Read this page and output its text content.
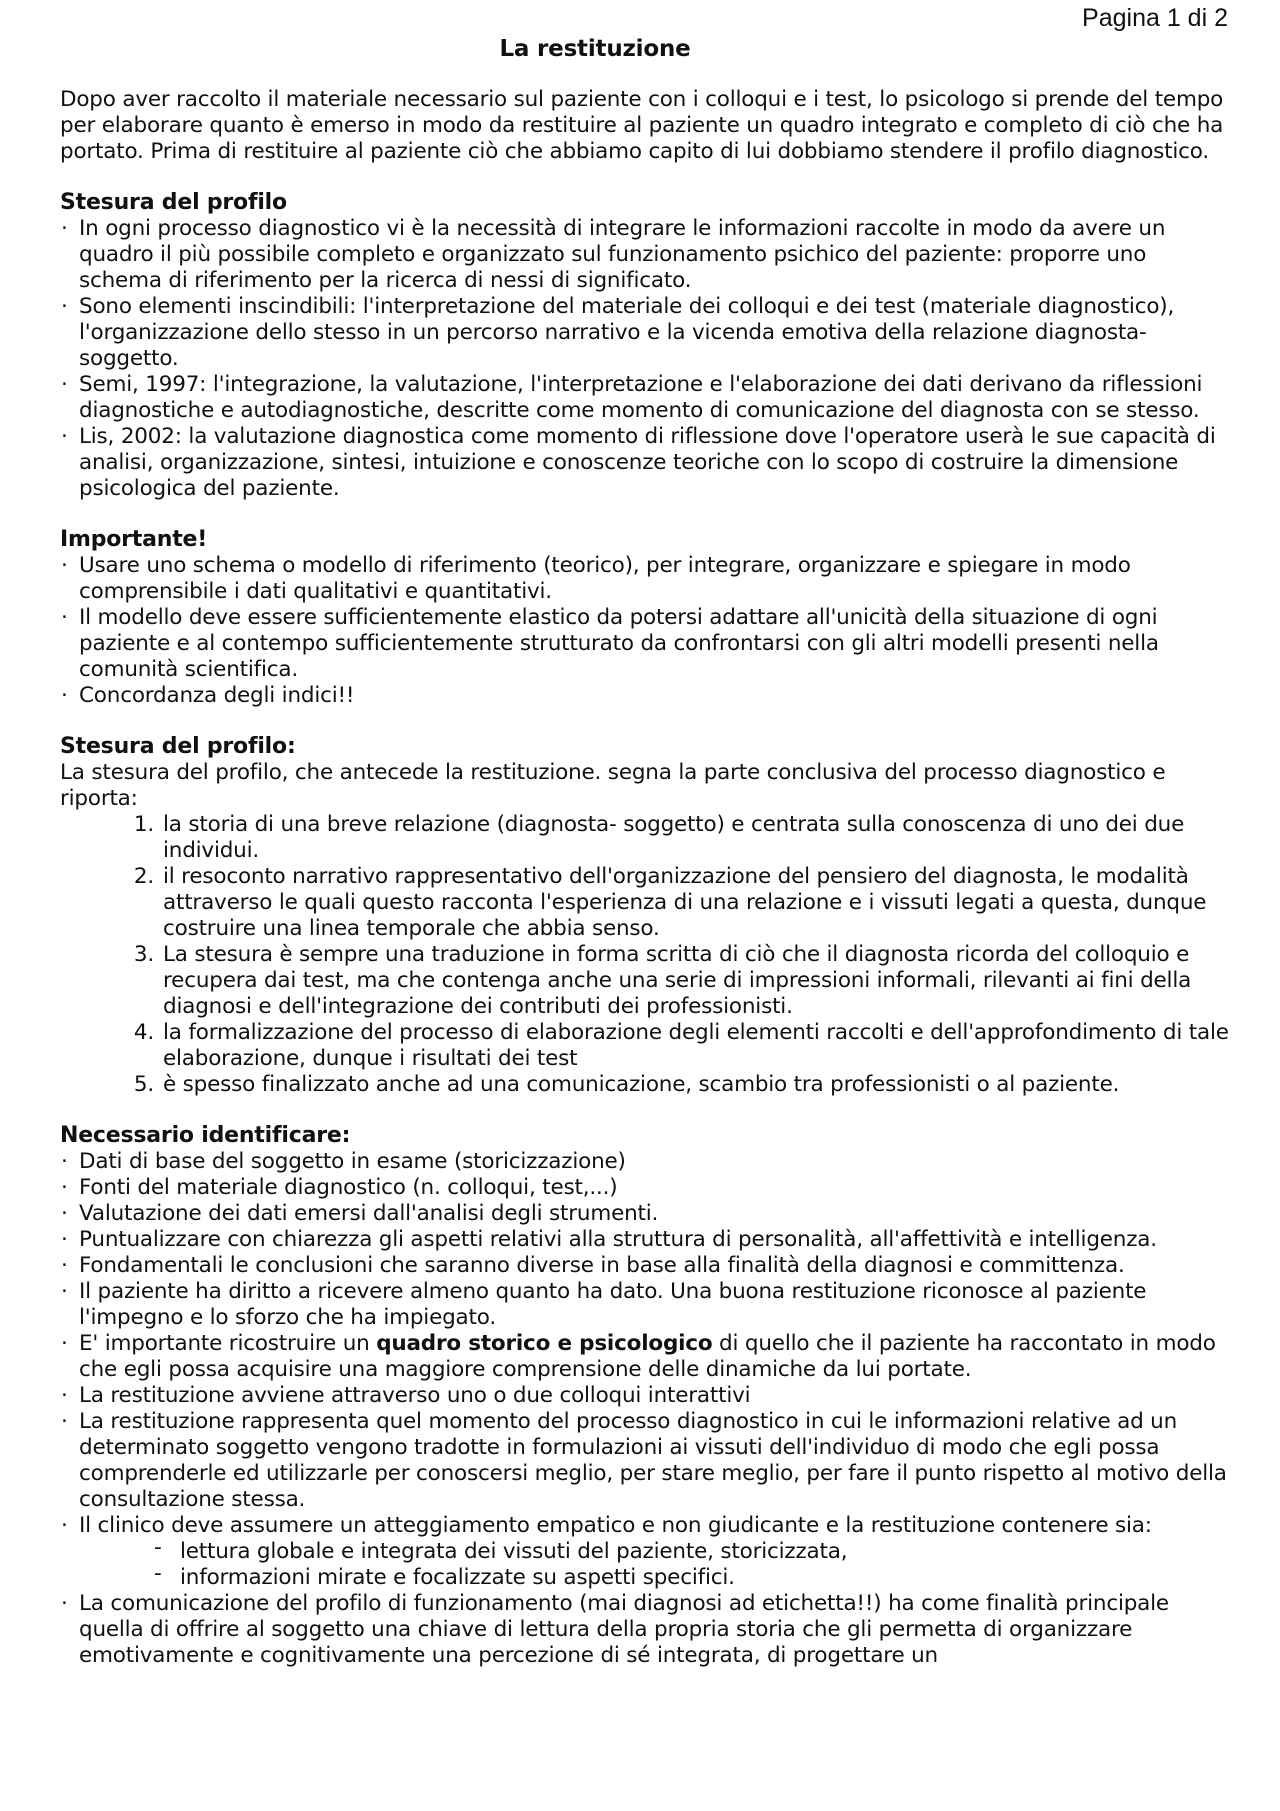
Pagina 1 di 2
La restituzione

Dopo aver raccolto il materiale necessario sul paziente con i colloqui e i test, lo psicologo si prende del tempo per elaborare quanto è emerso in modo da restituire al paziente un quadro integrato e completo di ciò che ha portato. Prima di restituire al paziente ciò che abbiamo capito di lui dobbiamo stendere il profilo diagnostico.

Stesura del profilo
· In ogni processo diagnostico vi è la necessità di integrare le informazioni raccolte in modo da avere un quadro il più possibile completo e organizzato sul funzionamento psichico del paziente: proporre uno schema di riferimento per la ricerca di nessi di significato.
· Sono elementi inscindibili: l'interpretazione del materiale dei colloqui e dei test (materiale diagnostico), l'organizzazione dello stesso in un percorso narrativo e la vicenda emotiva della relazione diagnosta-soggetto.
· Semi, 1997: l'integrazione, la valutazione, l'interpretazione e l'elaborazione dei dati derivano da riflessioni diagnostiche e autodiagnostiche, descritte come momento di comunicazione del diagnosta con se stesso.
· Lis, 2002: la valutazione diagnostica come momento di riflessione dove l'operatore userà le sue capacità di analisi, organizzazione, sintesi, intuizione e conoscenze teoriche con lo scopo di costruire la dimensione psicologica del paziente.
Importante!
· Usare uno schema o modello di riferimento (teorico), per integrare, organizzare e spiegare in modo comprensibile i dati qualitativi e quantitativi.
· Il modello deve essere sufficientemente elastico da potersi adattare all'unicità della situazione di ogni paziente e al contempo sufficientemente strutturato da confrontarsi con gli altri modelli presenti nella comunità scientifica.
· Concordanza degli indici!!
Stesura del profilo:

La stesura del profilo, che antecede la restituzione. segna la parte conclusiva del processo diagnostico e riporta:

1. la storia di una breve relazione (diagnosta- soggetto) e centrata sulla conoscenza di uno dei due individui.
2. il resoconto narrativo rappresentativo dell'organizzazione del pensiero del diagnosta, le modalità attraverso le quali questo racconta l'esperienza di una relazione e i vissuti legati a questa, dunque costruire una linea temporale che abbia senso.
3. La stesura è sempre una traduzione in forma scritta di ciò che il diagnosta ricorda del colloquio e recupera dai test, ma che contenga anche una serie di impressioni informali, rilevanti ai fini della diagnosi e dell'integrazione dei contributi dei professionisti.
4. la formalizzazione del processo di elaborazione degli elementi raccolti e dell'approfondimento di tale elaborazione, dunque i risultati dei test
5. è spesso finalizzato anche ad una comunicazione, scambio tra professionisti o al paziente.
Necessario identificare:
· Dati di base del soggetto in esame (storicizzazione)
· Fonti del materiale diagnostico (n. colloqui, test,...)
· Valutazione dei dati emersi dall'analisi degli strumenti.
· Puntualizzare con chiarezza gli aspetti relativi alla struttura di personalità, all'affettività e intelligenza.
· Fondamentali le conclusioni che saranno diverse in base alla finalità della diagnosi e committenza.
· Il paziente ha diritto a ricevere almeno quanto ha dato. Una buona restituzione riconosce al paziente l'impegno e lo sforzo che ha impiegato.
· E' importante ricostruire un quadro storico e psicologico di quello che il paziente ha raccontato in modo che egli possa acquisire una maggiore comprensione delle dinamiche da lui portate.
· La restituzione avviene attraverso uno o due colloqui interattivi
· La restituzione rappresenta quel momento del processo diagnostico in cui le informazioni relative ad un determinato soggetto vengono tradotte in formulazioni ai vissuti dell'individuo di modo che egli possa comprenderle ed utilizzarle per conoscersi meglio, per stare meglio, per fare il punto rispetto al motivo della consultazione stessa.
· Il clinico deve assumere un atteggiamento empatico e non giudicante e la restituzione contenere sia:
- lettura globale e integrata dei vissuti del paziente, storicizzata,
- informazioni mirate e focalizzate su aspetti specifici.
· La comunicazione del profilo di funzionamento (mai diagnosi ad etichetta!!) ha come finalità principale quella di offrire al soggetto una chiave di lettura della propria storia che gli permetta di organizzare emotivamente e cognitivamente una percezione di sé integrata, di progettare un
